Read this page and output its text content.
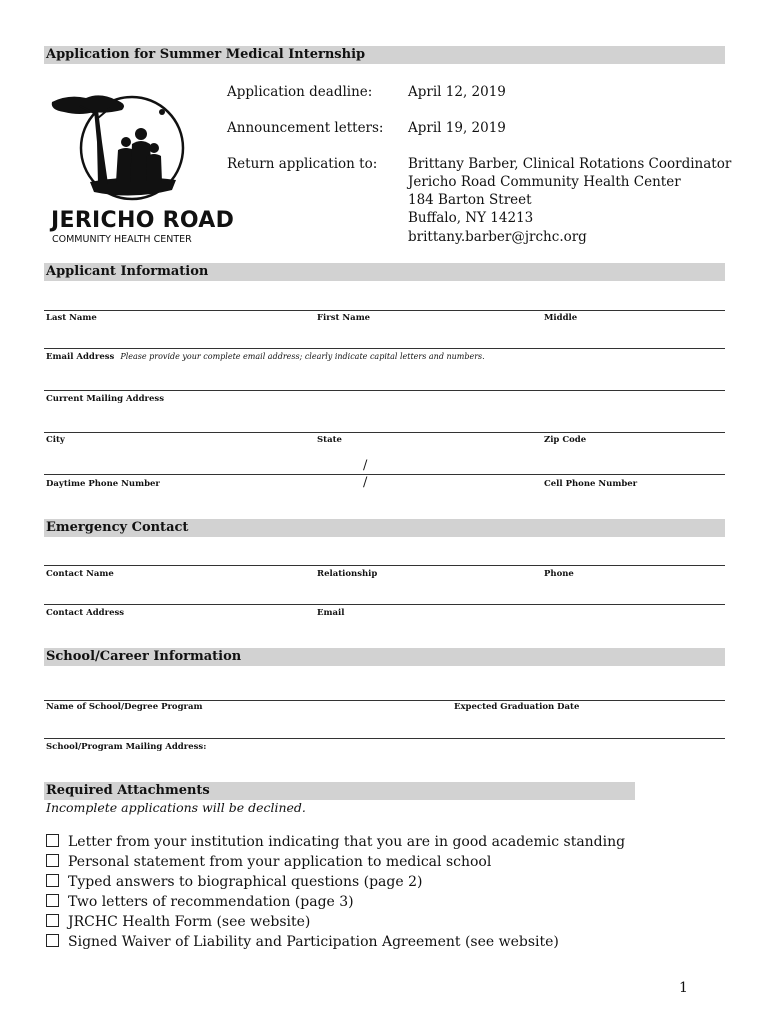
Application for Summer Medical Internship
JERICHO ROAD
COMMUNITY HEALTH CENTER
Application deadline:	April 12, 2019
Announcement letters: April 19, 2019
Return application to: Brittany Barber, Clinical Rotations Coordinator
Jericho Road Community Health Center
184 Barton Street
Buffalo, NY 14213
brittany.barber@jrchc.org
Applicant Information
Last Name	First Name	Middle
Email Address Please provide your complete email address; clearly indicate capital letters and numbers.
Current Mailing Address
City	State	Zip Code
/
/
Daytime Phone Number	Cell Phone Number
Emergency Contact
Contact Name	Relationship	Phone
Contact Address	Email
School/Career Information
Name of School/Degree Program	Expected Graduation Date
School/Program Mailing Address:
Required Attachments
Incomplete applications will be declined.
Letter from your institution indicating that you are in good academic standing
Personal statement from your application to medical school
Typed answers to biographical questions (page 2)
Two letters of recommendation (page 3)
JRCHC Health Form (see website)
Signed Waiver of Liability and Participation Agreement (see website)
1
